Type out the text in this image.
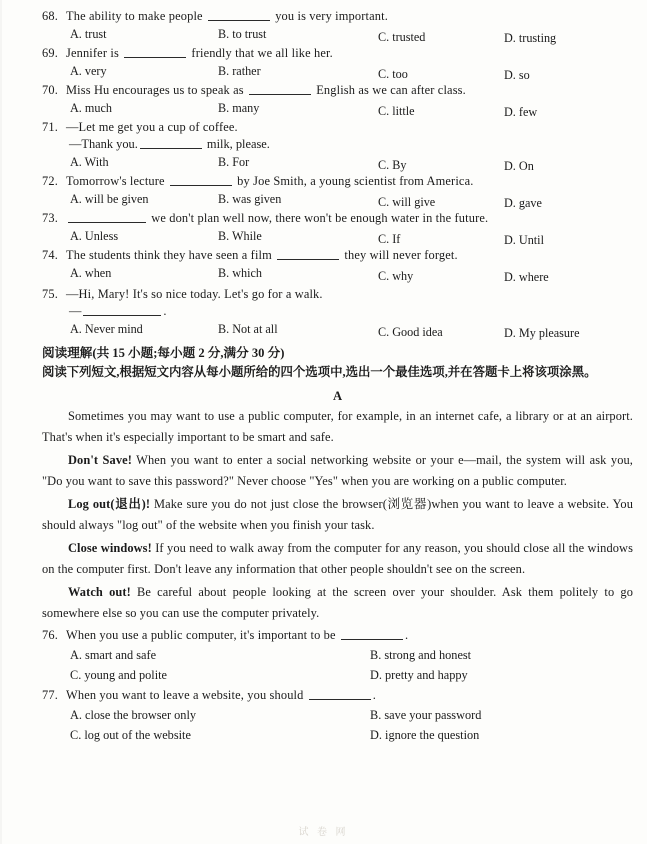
68. The ability to make people	you is very important.
A. trust	B. to trust	C. trusted	D. trusting
69. Jennifer is	friendly that we all like her.
A. very	B. rather	C. too	D. so
70. Miss Hu encourages us to speak as	English as we can after class.
A. much	B. many	C. little	D. few
71. —Let me get you a cup of coffee.
—Thank you.	milk, please.
A. With	B. For	C. By	D. On
72. Tomorrow's lecture	by Joe Smith, a young scientist from America.
A. will be given	B. was given	C. will give	D. gave
73.	we don't plan well now, there won't be enough water in the future.
A. Unless	B. While	C. If	D. Until
74. The students think they have seen a film	they will never forget.
A. when	B. which	C. why	D. where
75. —Hi, Mary! It's so nice today. Let's go for a walk.
—	.
A. Never mind	B. Not at all	C. Good idea	D. My pleasure
阅读理解(共 15 小题;每小题 2 分,满分 30 分)
阅读下列短文,根据短文内容从每小题所给的四个选项中,选出一个最佳选项,并在答题卡上将该项涂黑。
A

Sometimes you may want to use a public computer, for example, in an internet cafe, a library or at an airport. That's when it's especially important to be smart and safe.

Don't Save! When you want to enter a social networking website or your e—mail, the system will ask you, "Do you want to save this password?" Never choose "Yes" when you are working on a public computer.

Log out(退出)! Make sure you do not just close the browser(浏览器)when you want to leave a website. You should always "log out" of the website when you finish your task.

Close windows! If you need to walk away from the computer for any reason, you should close all the windows on the computer first. Don't leave any information that other people shouldn't see on the screen.

Watch out! Be careful about people looking at the screen over your shoulder. Ask them politely to go somewhere else so you can use the computer privately.

76. When you use a public computer, it's important to be	.
A. smart and safe	B. strong and honest
C. young and polite	D. pretty and happy
77. When you want to leave a website, you should	.
A. close the browser only	B. save your password
C. log out of the website	D. ignore the question
试 卷 网
